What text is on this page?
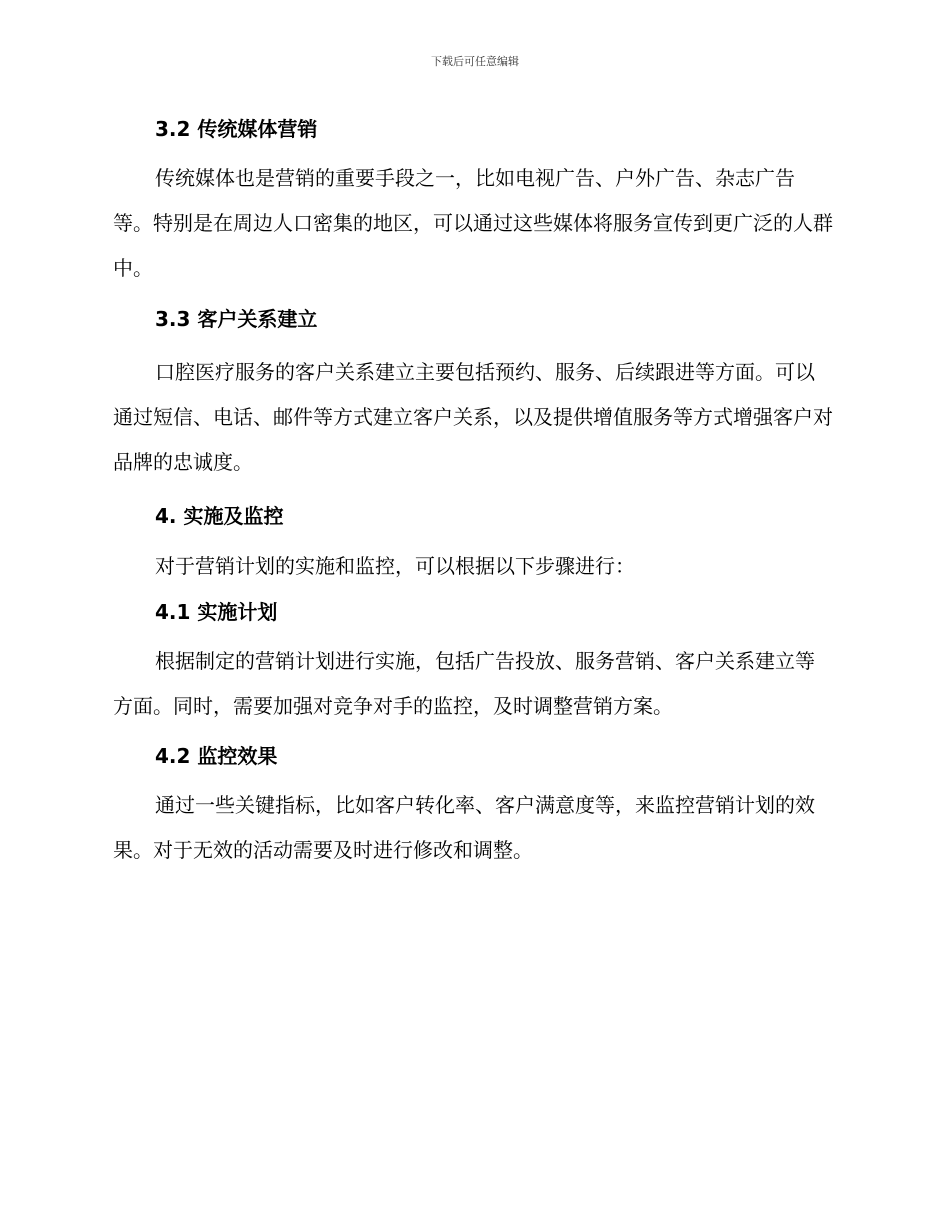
下载后可任意编辑
3.2 传统媒体营销

传统媒体也是营销的重要手段之一，比如电视广告、户外广告、杂志广告等。特别是在周边人口密集的地区，可以通过这些媒体将服务宣传到更广泛的人群中。

3.3 客户关系建立

口腔医疗服务的客户关系建立主要包括预约、服务、后续跟进等方面。可以通过短信、电话、邮件等方式建立客户关系，以及提供增值服务等方式增强客户对品牌的忠诚度。

4. 实施及监控

对于营销计划的实施和监控，可以根据以下步骤进行：

4.1 实施计划

根据制定的营销计划进行实施，包括广告投放、服务营销、客户关系建立等方面。同时，需要加强对竞争对手的监控，及时调整营销方案。

4.2 监控效果

通过一些关键指标，比如客户转化率、客户满意度等，来监控营销计划的效果。对于无效的活动需要及时进行修改和调整。
